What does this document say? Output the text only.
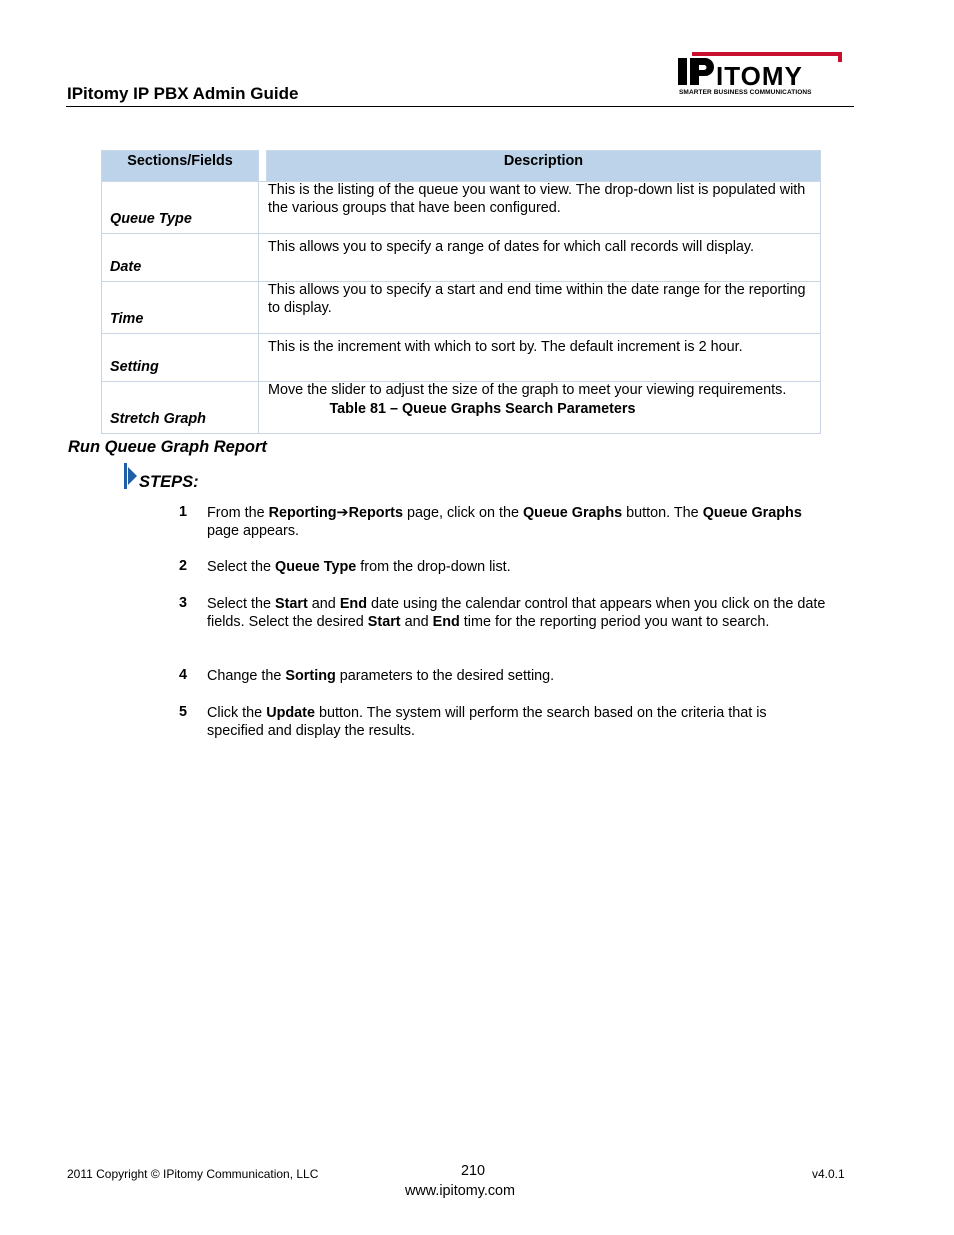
IPitomy IP PBX Admin Guide
ITOMY
SMARTER BUSINESS COMMUNICATIONS
Sections/Fields		Description
Queue Type	This is the listing of the queue you want to view. The drop-down list is populated with the various groups that have been configured.	
Date	This allows you to specify a range of dates for which call records will display.	
Time	This allows you to specify a start and end time within the date range for the reporting to display.	
Setting	This is the increment with which to sort by. The default increment is 2 hour.	
Stretch Graph	Move the slider to adjust the size of the graph to meet your viewing requirements.	
Table 81 – Queue Graphs Search Parameters
Run Queue Graph Report
STEPS:
1 From the Reporting➔Reports page, click on the Queue Graphs button. The Queue Graphs page appears.
2 Select the Queue Type from the drop-down list.
3 Select the Start and End date using the calendar control that appears when you click on the date fields. Select the desired Start and End time for the reporting period you want to search.
4 Change the Sorting parameters to the desired setting.
5 Click the Update button. The system will perform the search based on the criteria that is specified and display the results.
2011 Copyright © IPitomy Communication, LLC	210
www.ipitomy.com
v4.0.1
